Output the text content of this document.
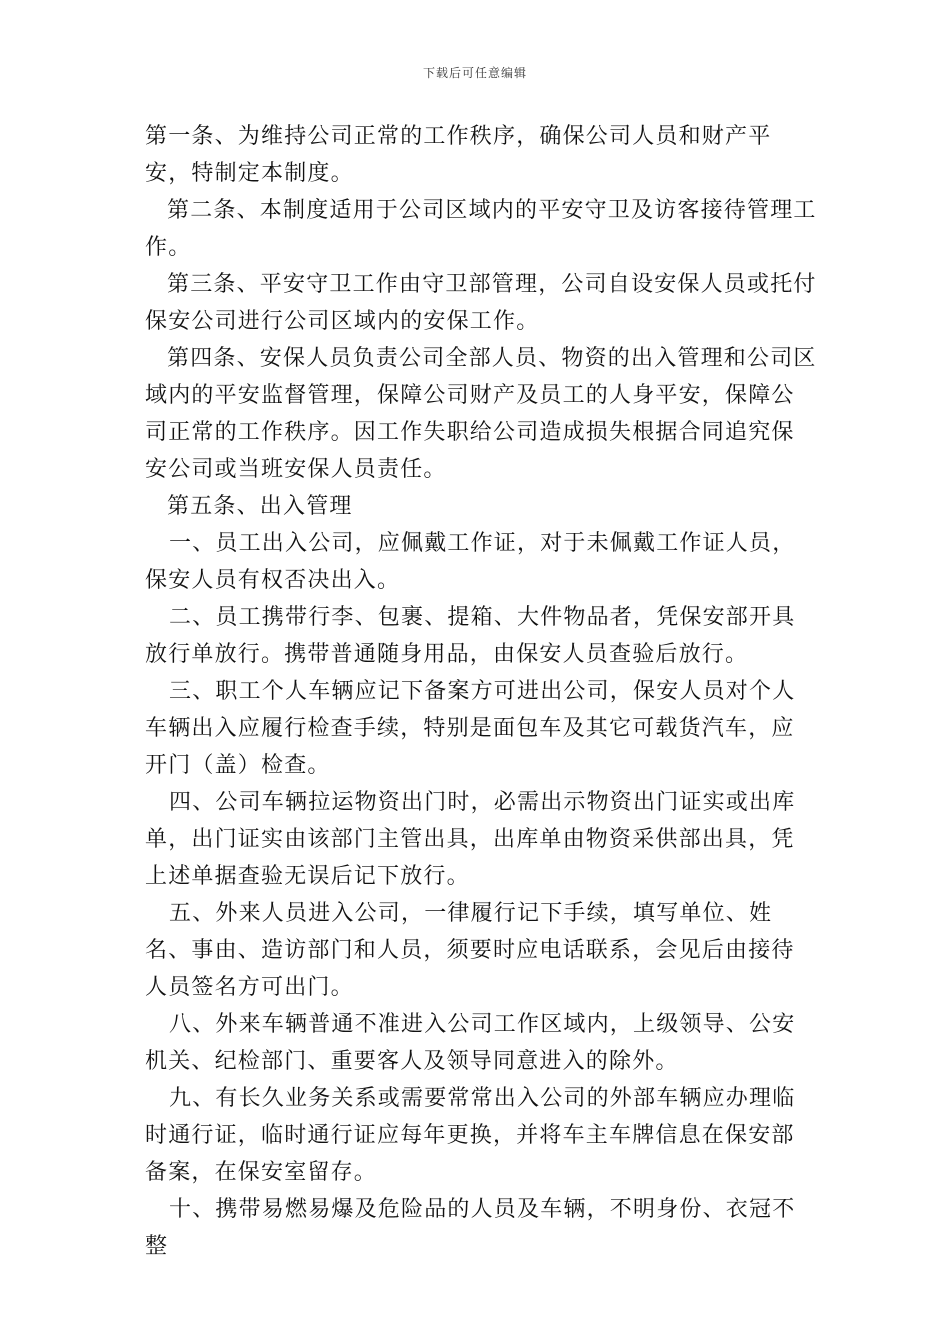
下载后可任意编辑

第一条、为维持公司正常的工作秩序，确保公司人员和财产平安，特制定本制度。

第二条、本制度适用于公司区域内的平安守卫及访客接待管理工作。

第三条、平安守卫工作由守卫部管理，公司自设安保人员或托付保安公司进行公司区域内的安保工作。

第四条、安保人员负责公司全部人员、物资的出入管理和公司区域内的平安监督管理，保障公司财产及员工的人身平安，保障公司正常的工作秩序。因工作失职给公司造成损失根据合同追究保安公司或当班安保人员责任。

第五条、出入管理

一、员工出入公司，应佩戴工作证，对于未佩戴工作证人员，保安人员有权否决出入。

二、员工携带行李、包裹、提箱、大件物品者，凭保安部开具放行单放行。携带普通随身用品，由保安人员查验后放行。

三、职工个人车辆应记下备案方可进出公司，保安人员对个人车辆出入应履行检查手续，特别是面包车及其它可载货汽车，应开门（盖）检查。

四、公司车辆拉运物资出门时，必需出示物资出门证实或出库单，出门证实由该部门主管出具，出库单由物资采供部出具，凭上述单据查验无误后记下放行。

五、外来人员进入公司，一律履行记下手续，填写单位、姓名、事由、造访部门和人员，须要时应电话联系，会见后由接待人员签名方可出门。

八、外来车辆普通不准进入公司工作区域内，上级领导、公安机关、纪检部门、重要客人及领导同意进入的除外。

九、有长久业务关系或需要常常出入公司的外部车辆应办理临时通行证，临时通行证应每年更换，并将车主车牌信息在保安部备案，在保安室留存。

十、携带易燃易爆及危险品的人员及车辆，不明身份、衣冠不整
